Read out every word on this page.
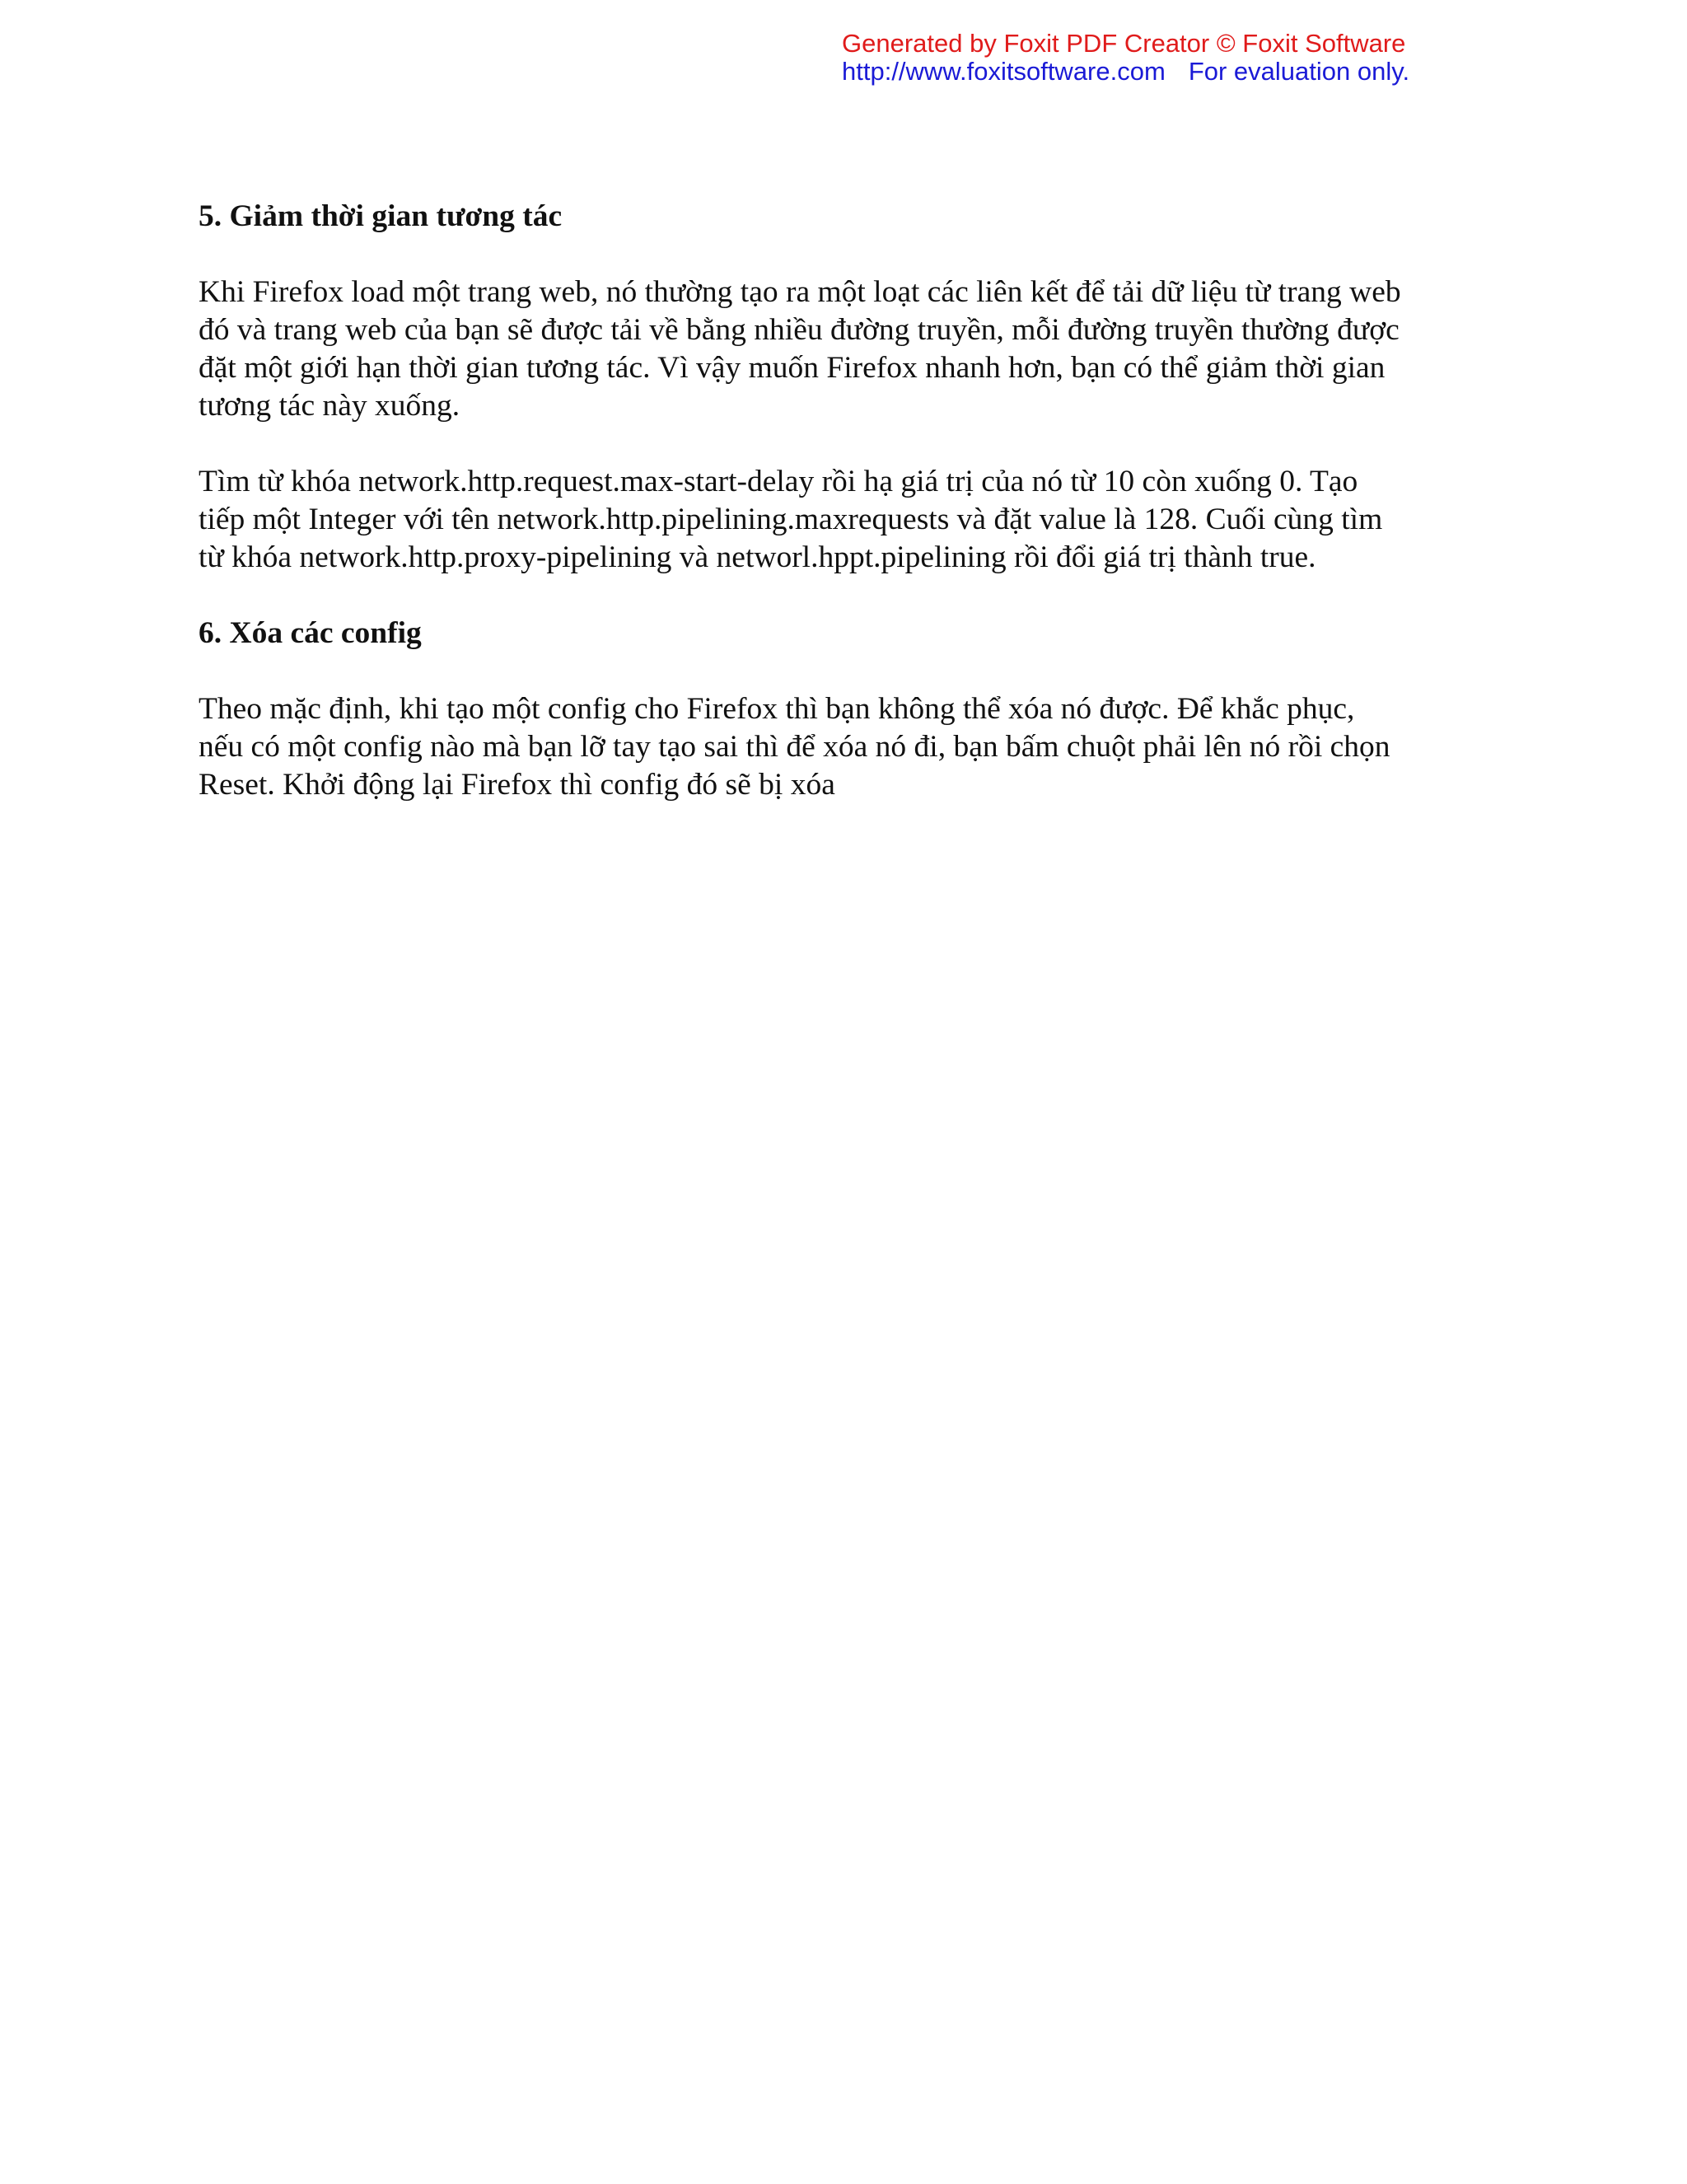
Generated by Foxit PDF Creator © Foxit Software
http://www.foxitsoftware.com For evaluation only.
5. Giảm thời gian tương tác

Khi Firefox load một trang web, nó thường tạo ra một loạt các liên kết để tải dữ liệu từ trang web
đó và trang web của bạn sẽ được tải về bằng nhiều đường truyền, mỗi đường truyền thường được
đặt một giới hạn thời gian tương tác. Vì vậy muốn Firefox nhanh hơn, bạn có thể giảm thời gian
tương tác này xuống.

Tìm từ khóa network.http.request.max-start-delay rồi hạ giá trị của nó từ 10 còn xuống 0. Tạo
tiếp một Integer với tên network.http.pipelining.maxrequests và đặt value là 128. Cuối cùng tìm
từ khóa network.http.proxy-pipelining và networl.hppt.pipelining rồi đổi giá trị thành true.

6. Xóa các config

Theo mặc định, khi tạo một config cho Firefox thì bạn không thể xóa nó được. Để khắc phục,
nếu có một config nào mà bạn lỡ tay tạo sai thì để xóa nó đi, bạn bấm chuột phải lên nó rồi chọn
Reset. Khởi động lại Firefox thì config đó sẽ bị xóa
